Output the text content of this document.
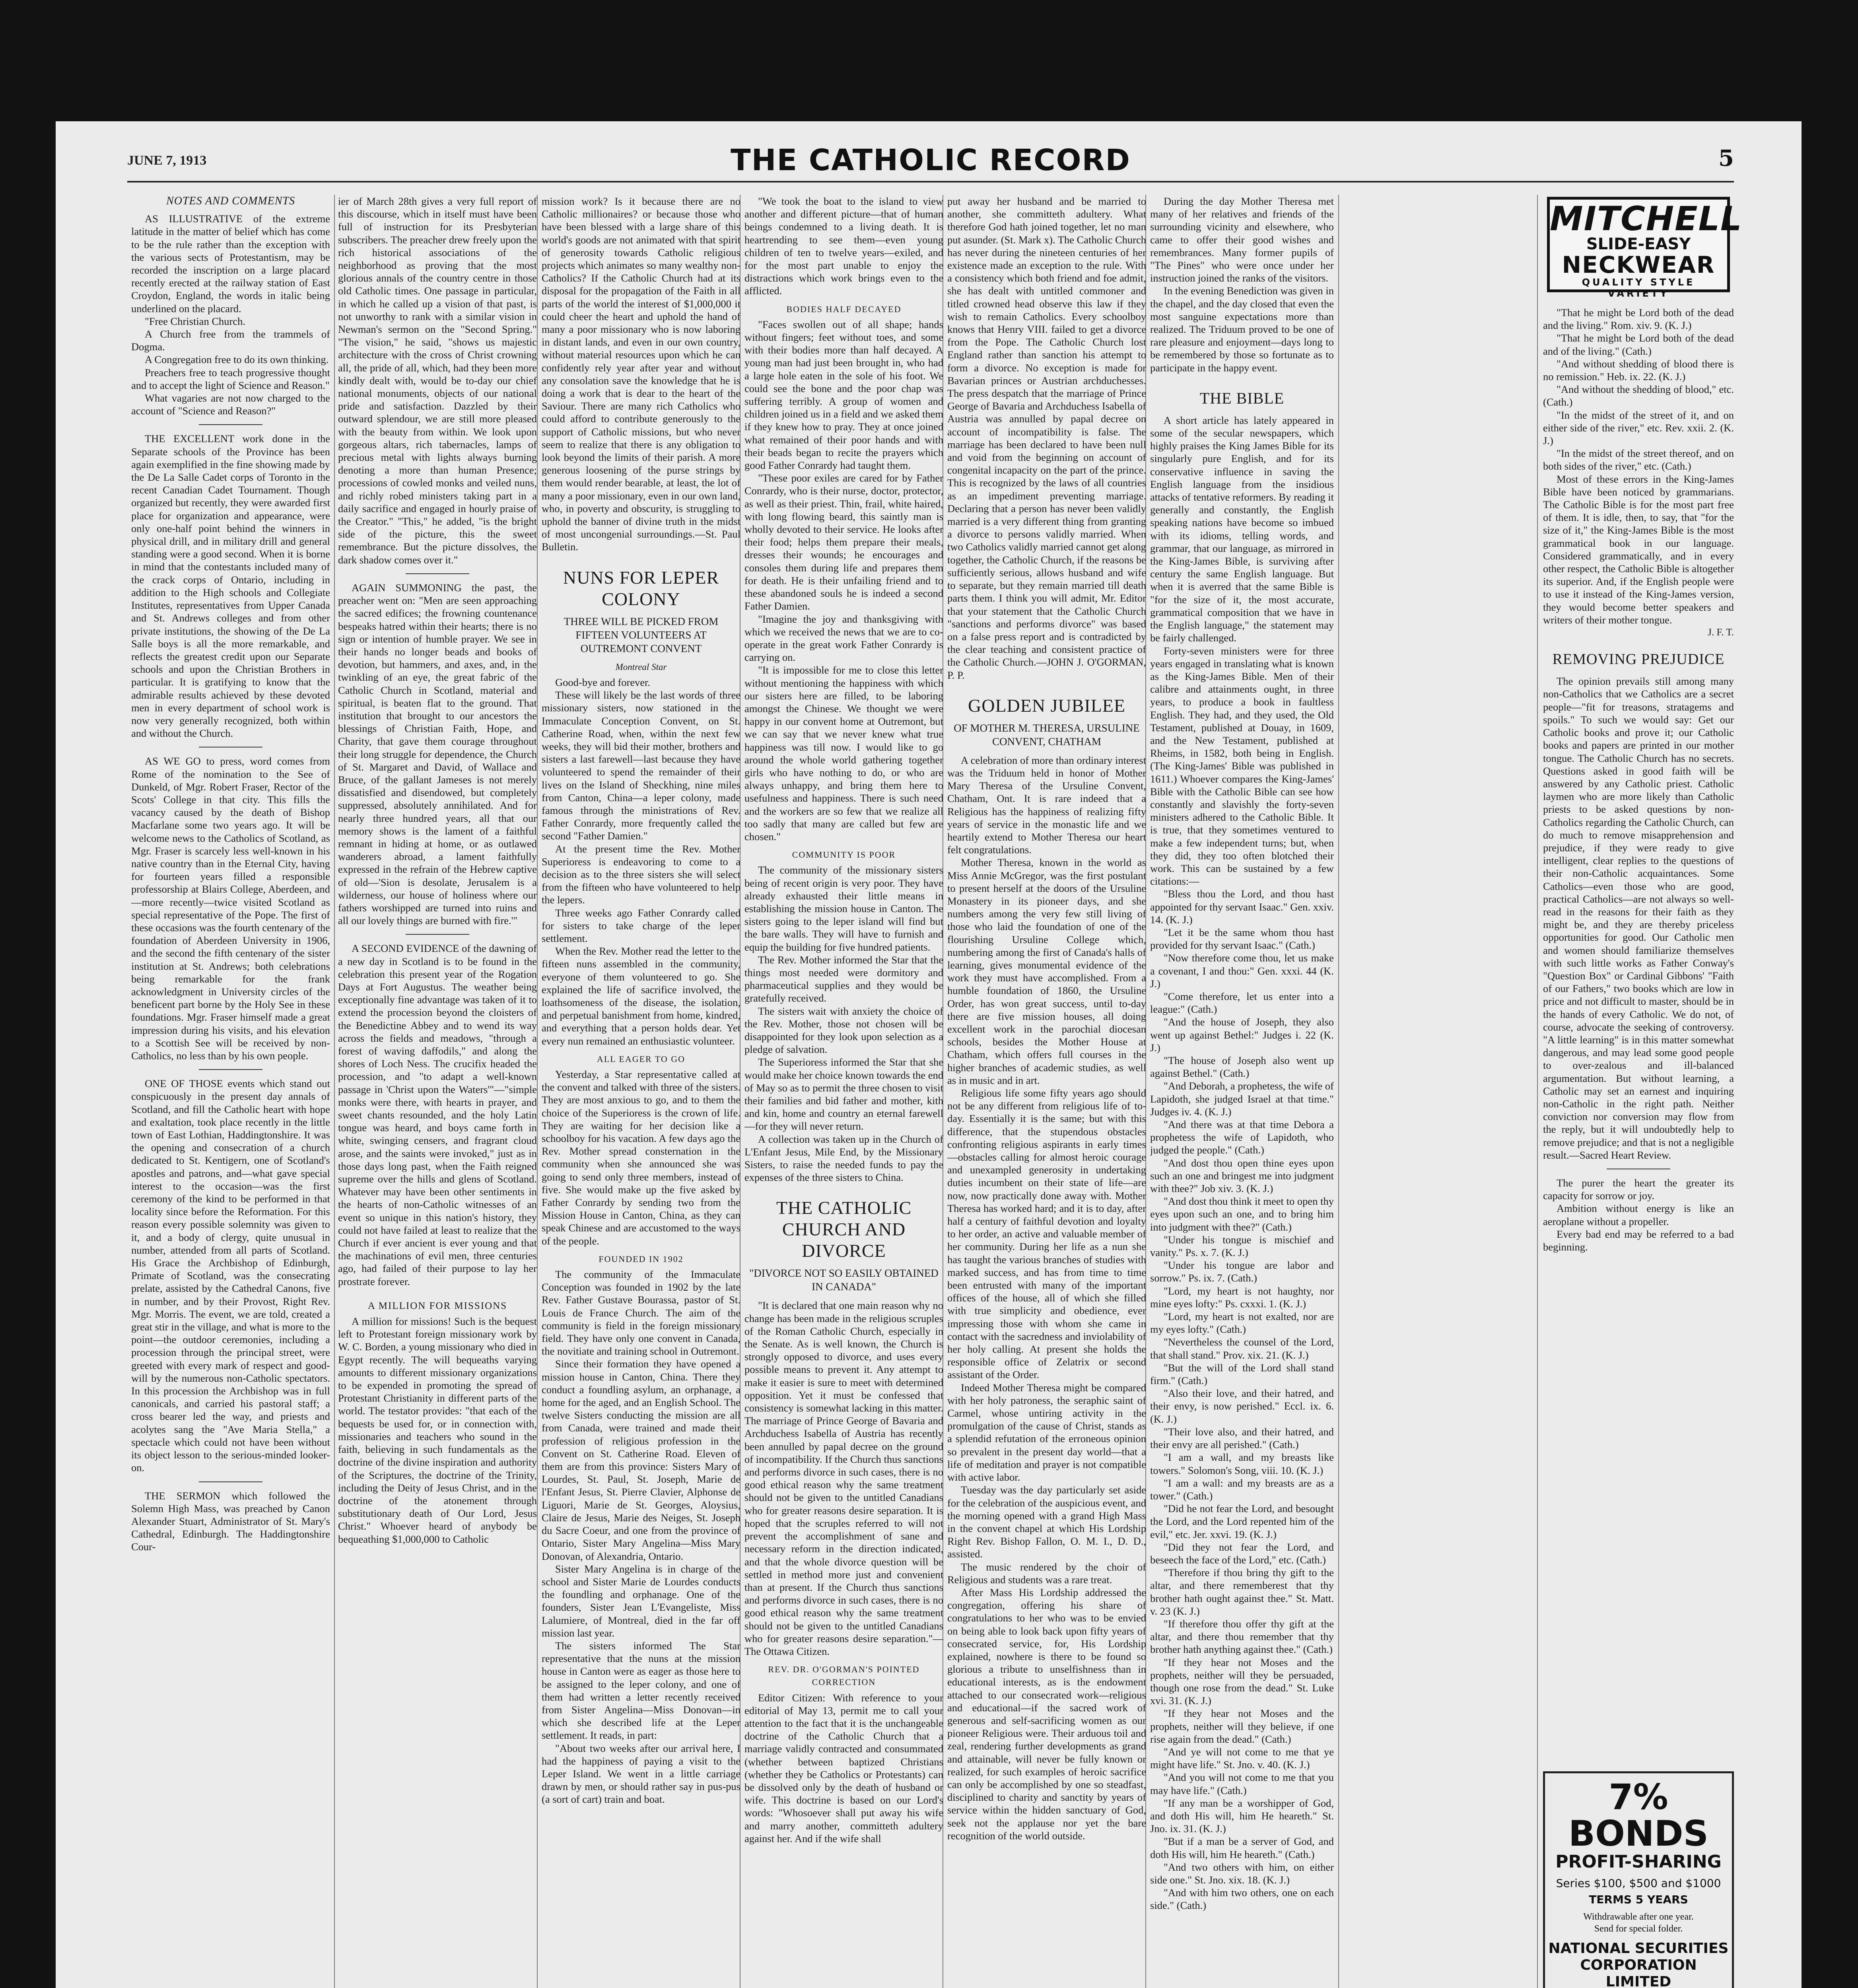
JUNE 7, 1913	THE CATHOLIC RECORD	5
NOTES AND COMMENTS

AS ILLUSTRATIVE of the extreme latitude in the matter of belief which has come to be the rule rather than the exception with the various sects of Protestantism, may be recorded the inscription on a large placard recently erected at the railway station of East Croydon, England, the words in italic being underlined on the placard.

"Free Christian Church.

A Church free from the trammels of Dogma.

A Congregation free to do its own thinking.

Preachers free to teach progressive thought and to accept the light of Science and Reason."

What vagaries are not now charged to the account of "Science and Reason?"

THE EXCELLENT work done in the Separate schools of the Province has been again exemplified in the fine showing made by the De La Salle Cadet corps of Toronto in the recent Canadian Cadet Tournament. Though organized but recently, they were awarded first place for organization and appearance, were only one-half point behind the winners in physical drill, and in military drill and general standing were a good second. When it is borne in mind that the contestants included many of the crack corps of Ontario, including in addition to the High schools and Collegiate Institutes, representatives from Upper Canada and St. Andrews colleges and from other private institutions, the showing of the De La Salle boys is all the more remarkable, and reflects the greatest credit upon our Separate schools and upon the Christian Brothers in particular. It is gratifying to know that the admirable results achieved by these devoted men in every department of school work is now very generally recognized, both within and without the Church.

AS WE GO to press, word comes from Rome of the nomination to the See of Dunkeld, of Mgr. Robert Fraser, Rector of the Scots' College in that city. This fills the vacancy caused by the death of Bishop Macfarlane some two years ago. It will be welcome news to the Catholics of Scotland, as Mgr. Fraser is scarcely less well-known in his native country than in the Eternal City, having for fourteen years filled a responsible professorship at Blairs College, Aberdeen, and—more recently—twice visited Scotland as special representative of the Pope. The first of these occasions was the fourth centenary of the foundation of Aberdeen University in 1906, and the second the fifth centenary of the sister institution at St. Andrews; both celebrations being remarkable for the frank acknowledgment in University circles of the beneficent part borne by the Holy See in these foundations. Mgr. Fraser himself made a great impression during his visits, and his elevation to a Scottish See will be received by non-Catholics, no less than by his own people.

ONE OF THOSE events which stand out conspicuously in the present day annals of Scotland, and fill the Catholic heart with hope and exaltation, took place recently in the little town of East Lothian, Haddingtonshire. It was the opening and consecration of a church dedicated to St. Kentigern, one of Scotland's apostles and patrons, and—what gave special interest to the occasion—was the first ceremony of the kind to be performed in that locality since before the Reformation. For this reason every possible solemnity was given to it, and a body of clergy, quite unusual in number, attended from all parts of Scotland. His Grace the Archbishop of Edinburgh, Primate of Scotland, was the consecrating prelate, assisted by the Cathedral Canons, five in number, and by their Provost, Right Rev. Mgr. Morris. The event, we are told, created a great stir in the village, and what is more to the point—the outdoor ceremonies, including a procession through the principal street, were greeted with every mark of respect and good-will by the numerous non-Catholic spectators. In this procession the Archbishop was in full canonicals, and carried his pastoral staff; a cross bearer led the way, and priests and acolytes sang the "Ave Maria Stella," a spectacle which could not have been without its object lesson to the serious-minded looker-on.

THE SERMON which followed the Solemn High Mass, was preached by Canon Alexander Stuart, Administrator of St. Mary's Cathedral, Edinburgh. The Haddingtonshire Cour-

ier of March 28th gives a very full report of this discourse, which in itself must have been full of instruction for its Presbyterian subscribers. The preacher drew freely upon the rich historical associations of the neighborhood as proving that the most glorious annals of the country centre in those old Catholic times. One passage in particular, in which he called up a vision of that past, is not unworthy to rank with a similar vision in Newman's sermon on the "Second Spring." "The vision," he said, "shows us majestic architecture with the cross of Christ crowning all, the pride of all, which, had they been more kindly dealt with, would be to-day our chief national monuments, objects of our national pride and satisfaction. Dazzled by their outward splendour, we are still more pleased with the beauty from within. We look upon gorgeous altars, rich tabernacles, lamps of precious metal with lights always burning denoting a more than human Presence; processions of cowled monks and veiled nuns, and richly robed ministers taking part in a daily sacrifice and engaged in hourly praise of the Creator." "This," he added, "is the bright side of the picture, this the sweet remembrance. But the picture dissolves, the dark shadow comes over it."

AGAIN SUMMONING the past, the preacher went on: "Men are seen approaching the sacred edifices; the frowning countenance bespeaks hatred within their hearts; there is no sign or intention of humble prayer. We see in their hands no longer beads and books of devotion, but hammers, and axes, and, in the twinkling of an eye, the great fabric of the Catholic Church in Scotland, material and spiritual, is beaten flat to the ground. That institution that brought to our ancestors the blessings of Christian Faith, Hope, and Charity, that gave them courage throughout their long struggle for dependence, the Church of St. Margaret and David, of Wallace and Bruce, of the gallant Jameses is not merely dissatisfied and disendowed, but completely suppressed, absolutely annihilated. And for nearly three hundred years, all that our memory shows is the lament of a faithful remnant in hiding at home, or as outlawed wanderers abroad, a lament faithfully expressed in the refrain of the Hebrew captive of old—'Sion is desolate, Jerusalem is a wilderness, our house of holiness where our fathers worshipped are turned into ruins and all our lovely things are burned with fire.'"

A SECOND EVIDENCE of the dawning of a new day in Scotland is to be found in the celebration this present year of the Rogation Days at Fort Augustus. The weather being exceptionally fine advantage was taken of it to extend the procession beyond the cloisters of the Benedictine Abbey and to wend its way across the fields and meadows, "through a forest of waving daffodils," and along the shores of Loch Ness. The crucifix headed the procession, and "to adapt a well-known passage in 'Christ upon the Waters'"—"simple monks were there, with hearts in prayer, and sweet chants resounded, and the holy Latin tongue was heard, and boys came forth in white, swinging censers, and fragrant cloud arose, and the saints were invoked," just as in those days long past, when the Faith reigned supreme over the hills and glens of Scotland. Whatever may have been other sentiments in the hearts of non-Catholic witnesses of an event so unique in this nation's history, they could not have failed at least to realize that the Church if ever ancient is ever young and that the machinations of evil men, three centuries ago, had failed of their purpose to lay her prostrate forever.

A MILLION FOR MISSIONS

A million for missions! Such is the bequest left to Protestant foreign missionary work by W. C. Borden, a young missionary who died in Egypt recently. The will bequeaths varying amounts to different missionary organizations to be expended in promoting the spread of Protestant Christianity in different parts of the world. The testator provides: "that each of the bequests be used for, or in connection with, missionaries and teachers who sound in the faith, believing in such fundamentals as the doctrine of the divine inspiration and authority of the Scriptures, the doctrine of the Trinity, including the Deity of Jesus Christ, and in the doctrine of the atonement through substitutionary death of Our Lord, Jesus Christ." Whoever heard of anybody be bequeathing $1,000,000 to Catholic

mission work? Is it because there are no Catholic millionaires? or because those who have been blessed with a large share of this world's goods are not animated with that spirit of generosity towards Catholic religious projects which animates so many wealthy non-Catholics? If the Catholic Church had at its disposal for the propagation of the Faith in all parts of the world the interest of $1,000,000 it could cheer the heart and uphold the hand of many a poor missionary who is now laboring in distant lands, and even in our own country, without material resources upon which he can confidently rely year after year and without any consolation save the knowledge that he is doing a work that is dear to the heart of the Saviour. There are many rich Catholics who could afford to contribute generously to the support of Catholic missions, but who never seem to realize that there is any obligation to look beyond the limits of their parish. A more generous loosening of the purse strings by them would render bearable, at least, the lot of many a poor missionary, even in our own land, who, in poverty and obscurity, is struggling to uphold the banner of divine truth in the midst of most uncongenial surroundings.—St. Paul Bulletin.

NUNS FOR LEPER COLONY
THREE WILL BE PICKED FROM FIFTEEN VOLUNTEERS AT OUTREMONT CONVENT
Montreal Star

Good-bye and forever.

These will likely be the last words of three missionary sisters, now stationed in the Immaculate Conception Convent, on St. Catherine Road, when, within the next few weeks, they will bid their mother, brothers and sisters a last farewell—last because they have volunteered to spend the remainder of their lives on the Island of Sheckhing, nine miles from Canton, China—a leper colony, made famous through the ministrations of Rev. Father Conrardy, more frequently called the second "Father Damien."

At the present time the Rev. Mother Superioress is endeavoring to come to a decision as to the three sisters she will select from the fifteen who have volunteered to help the lepers.

Three weeks ago Father Conrardy called for sisters to take charge of the leper settlement.

When the Rev. Mother read the letter to the fifteen nuns assembled in the community, everyone of them volunteered to go. She explained the life of sacrifice involved, the loathsomeness of the disease, the isolation, and perpetual banishment from home, kindred, and everything that a person holds dear. Yet every nun remained an enthusiastic volunteer.

ALL EAGER TO GO

Yesterday, a Star representative called at the convent and talked with three of the sisters. They are most anxious to go, and to them the choice of the Superioress is the crown of life. They are waiting for her decision like a schoolboy for his vacation. A few days ago the Rev. Mother spread consternation in the community when she announced she was going to send only three members, instead of five. She would make up the five asked by Father Conrardy by sending two from the Mission House in Canton, China, as they can speak Chinese and are accustomed to the ways of the people.

FOUNDED IN 1902

The community of the Immaculate Conception was founded in 1902 by the late Rev. Father Gustave Bourassa, pastor of St. Louis de France Church. The aim of the community is field in the foreign missionary field. They have only one convent in Canada, the novitiate and training school in Outremont.

Since their formation they have opened a mission house in Canton, China. There they conduct a foundling asylum, an orphanage, a home for the aged, and an English School. The twelve Sisters conducting the mission are all from Canada, were trained and made their profession of religious profession in the Convent on St. Catherine Road. Eleven of them are from this province: Sisters Mary of Lourdes, St. Paul, St. Joseph, Marie de l'Enfant Jesus, St. Pierre Clavier, Alphonse de Liguori, Marie de St. Georges, Aloysius, Claire de Jesus, Marie des Neiges, St. Joseph du Sacre Coeur, and one from the province of Ontario, Sister Mary Angelina—Miss Mary Donovan, of Alexandria, Ontario.

Sister Mary Angelina is in charge of the school and Sister Marie de Lourdes conducts the foundling and orphanage. One of the founders, Sister Jean L'Evangeliste, Miss Lalumiere, of Montreal, died in the far off mission last year.

The sisters informed The Star representative that the nuns at the mission house in Canton were as eager as those here to be assigned to the leper colony, and one of them had written a letter recently received from Sister Angelina—Miss Donovan—in which she described life at the Leper settlement. It reads, in part:

"About two weeks after our arrival here, I had the happiness of paying a visit to the Leper Island. We went in a little carriage drawn by men, or should rather say in pus-pus (a sort of cart) train and boat.

"We took the boat to the island to view another and different picture—that of human beings condemned to a living death. It is heartrending to see them—even young children of ten to twelve years—exiled, and for the most part unable to enjoy the distractions which work brings even to the afflicted.

BODIES HALF DECAYED

"Faces swollen out of all shape; hands without fingers; feet without toes, and some with their bodies more than half decayed. A young man had just been brought in, who had a large hole eaten in the sole of his foot. We could see the bone and the poor chap was suffering terribly. A group of women and children joined us in a field and we asked them if they knew how to pray. They at once joined what remained of their poor hands and with their beads began to recite the prayers which good Father Conrardy had taught them.

"These poor exiles are cared for by Father Conrardy, who is their nurse, doctor, protector, as well as their priest. Thin, frail, white haired, with long flowing beard, this saintly man is wholly devoted to their service. He looks after their food; helps them prepare their meals, dresses their wounds; he encourages and consoles them during life and prepares them for death. He is their unfailing friend and to these abandoned souls he is indeed a second Father Damien.

"Imagine the joy and thanksgiving with which we received the news that we are to co-operate in the great work Father Conrardy is carrying on.

"It is impossible for me to close this letter without mentioning the happiness with which our sisters here are filled, to be laboring amongst the Chinese. We thought we were happy in our convent home at Outremont, but we can say that we never knew what true happiness was till now. I would like to go around the whole world gathering together girls who have nothing to do, or who are always unhappy, and bring them here to usefulness and happiness. There is such need and the workers are so few that we realize all too sadly that many are called but few are chosen."

COMMUNITY IS POOR

The community of the missionary sisters being of recent origin is very poor. They have already exhausted their little means in establishing the mission house in Canton. The sisters going to the leper island will find but the bare walls. They will have to furnish and equip the building for five hundred patients.

The Rev. Mother informed the Star that the things most needed were dormitory and pharmaceutical supplies and they would be gratefully received.

The sisters wait with anxiety the choice of the Rev. Mother, those not chosen will be disappointed for they look upon selection as a pledge of salvation.

The Superioress informed the Star that she would make her choice known towards the end of May so as to permit the three chosen to visit their families and bid father and mother, kith and kin, home and country an eternal farewell—for they will never return.

A collection was taken up in the Church of L'Enfant Jesus, Mile End, by the Missionary Sisters, to raise the needed funds to pay the expenses of the three sisters to China.

THE CATHOLIC CHURCH AND DIVORCE
"DIVORCE NOT SO EASILY OBTAINED IN CANADA"

"It is declared that one main reason why no change has been made in the religious scruples of the Roman Catholic Church, especially in the Senate. As is well known, the Church is strongly opposed to divorce, and uses every possible means to prevent it. Any attempt to make it easier is sure to meet with determined opposition. Yet it must be confessed that consistency is somewhat lacking in this matter. The marriage of Prince George of Bavaria and Archduchess Isabella of Austria has recently been annulled by papal decree on the ground of incompatibility. If the Church thus sanctions and performs divorce in such cases, there is no good ethical reason why the same treatment should not be given to the untitled Canadians who for greater reasons desire separation. It is hoped that the scruples referred to will not prevent the accomplishment of sane and necessary reform in the direction indicated, and that the whole divorce question will be settled in method more just and convenient than at present. If the Church thus sanctions and performs divorce in such cases, there is no good ethical reason why the same treatment should not be given to the untitled Canadians who for greater reasons desire separation."—The Ottawa Citizen.

REV. DR. O'GORMAN'S POINTED CORRECTION

Editor Citizen: With reference to your editorial of May 13, permit me to call your attention to the fact that it is the unchangeable doctrine of the Catholic Church that a marriage validly contracted and consummated (whether between baptized Christians (whether they be Catholics or Protestants) can be dissolved only by the death of husband or wife. This doctrine is based on our Lord's words: "Whosoever shall put away his wife and marry another, committeth adultery against her. And if the wife shall

put away her husband and be married to another, she committeth adultery. What therefore God hath joined together, let no man put asunder. (St. Mark x). The Catholic Church has never during the nineteen centuries of her existence made an exception to the rule. With a consistency which both friend and foe admit, she has dealt with untitled commoner and titled crowned head observe this law if they wish to remain Catholics. Every schoolboy knows that Henry VIII. failed to get a divorce from the Pope. The Catholic Church lost England rather than sanction his attempt to form a divorce. No exception is made for Bavarian princes or Austrian archduchesses. The press despatch that the marriage of Prince George of Bavaria and Archduchess Isabella of Austria was annulled by papal decree on account of incompatibility is false. The marriage has been declared to have been null and void from the beginning on account of congenital incapacity on the part of the prince. This is recognized by the laws of all countries as an impediment preventing marriage. Declaring that a person has never been validly married is a very different thing from granting a divorce to persons validly married. When two Catholics validly married cannot get along together, the Catholic Church, if the reasons be sufficiently serious, allows husband and wife to separate, but they remain married till death parts them. I think you will admit, Mr. Editor that your statement that the Catholic Church "sanctions and performs divorce" was based on a false press report and is contradicted by the clear teaching and consistent practice of the Catholic Church.—JOHN J. O'GORMAN, P. P.

GOLDEN JUBILEE
OF MOTHER M. THERESA, URSULINE CONVENT, CHATHAM

A celebration of more than ordinary interest was the Triduum held in honor of Mother Mary Theresa of the Ursuline Convent, Chatham, Ont. It is rare indeed that a Religious has the happiness of realizing fifty years of service in the monastic life and we heartily extend to Mother Theresa our heart felt congratulations.

Mother Theresa, known in the world as Miss Annie McGregor, was the first postulant to present herself at the doors of the Ursuline Monastery in its pioneer days, and she numbers among the very few still living of those who laid the foundation of one of the flourishing Ursuline College which, numbering among the first of Canada's halls of learning, gives monumental evidence of the work they must have accomplished. From a humble foundation of 1860, the Ursuline Order, has won great success, until to-day there are five mission houses, all doing excellent work in the parochial diocesan schools, besides the Mother House at Chatham, which offers full courses in the higher branches of academic studies, as well as in music and in art.

Religious life some fifty years ago should not be any different from religious life of to-day. Essentially it is the same; but with this difference, that the stupendous obstacles confronting religious aspirants in early times—obstacles calling for almost heroic courage and unexampled generosity in undertaking duties incumbent on their state of life—are now, now practically done away with. Mother Theresa has worked hard; and it is to day, after half a century of faithful devotion and loyalty to her order, an active and valuable member of her community. During her life as a nun she has taught the various branches of studies with marked success, and has from time to time been entrusted with many of the important offices of the house, all of which she filled with true simplicity and obedience, ever impressing those with whom she came in contact with the sacredness and inviolability of her holy calling. At present she holds the responsible office of Zelatrix or second assistant of the Order.

Indeed Mother Theresa might be compared with her holy patroness, the seraphic saint of Carmel, whose untiring activity in the promulgation of the cause of Christ, stands as a splendid refutation of the erroneous opinion so prevalent in the present day world—that a life of meditation and prayer is not compatible with active labor.

Tuesday was the day particularly set aside for the celebration of the auspicious event, and the morning opened with a grand High Mass in the convent chapel at which His Lordship Right Rev. Bishop Fallon, O. M. I., D. D., assisted.

The music rendered by the choir of Religious and students was a rare treat.

After Mass His Lordship addressed the congregation, offering his share of congratulations to her who was to be envied on being able to look back upon fifty years of consecrated service, for, His Lordship explained, nowhere is there to be found so glorious a tribute to unselfishness than in educational interests, as is the endowment attached to our consecrated work—religious and educational—if the sacred work of generous and self-sacrificing women as our pioneer Religious were. Their arduous toil and zeal, rendering further developments as grand and attainable, will never be fully known or realized, for such examples of heroic sacrifice can only be accomplished by one so steadfast, disciplined to charity and sanctity by years of service within the hidden sanctuary of God, seek not the applause nor yet the bare recognition of the world outside.

During the day Mother Theresa met many of her relatives and friends of the surrounding vicinity and elsewhere, who came to offer their good wishes and remembrances. Many former pupils of "The Pines" who were once under her instruction joined the ranks of the visitors.

In the evening Benediction was given in the chapel, and the day closed that even the most sanguine expectations more than realized. The Triduum proved to be one of rare pleasure and enjoyment—days long to be remembered by those so fortunate as to participate in the happy event.

THE BIBLE

A short article has lately appeared in some of the secular newspapers, which highly praises the King James Bible for its singularly pure English, and for its conservative influence in saving the English language from the insidious attacks of tentative reformers. By reading it generally and constantly, the English speaking nations have become so imbued with its idioms, telling words, and grammar, that our language, as mirrored in the King-James Bible, is surviving after century the same English language. But when it is averred that the same Bible is "for the size of it, the most accurate, grammatical composition that we have in the English language," the statement may be fairly challenged.

Forty-seven ministers were for three years engaged in translating what is known as the King-James Bible. Men of their calibre and attainments ought, in three years, to produce a book in faultless English. They had, and they used, the Old Testament, published at Douay, in 1609, and the New Testament, published at Rheims, in 1582, both being in English. (The King-James' Bible was published in 1611.) Whoever compares the King-James' Bible with the Catholic Bible can see how constantly and slavishly the forty-seven ministers adhered to the Catholic Bible. It is true, that they sometimes ventured to make a few independent turns; but, when they did, they too often blotched their work. This can be sustained by a few citations:—

"Bless thou the Lord, and thou hast appointed for thy servant Isaac." Gen. xxiv. 14. (K. J.)

"Let it be the same whom thou hast provided for thy servant Isaac." (Cath.)

"Now therefore come thou, let us make a covenant, I and thou:" Gen. xxxi. 44 (K. J.)

"Come therefore, let us enter into a league:" (Cath.)

"And the house of Joseph, they also went up against Bethel:" Judges i. 22 (K. J.)

"The house of Joseph also went up against Bethel." (Cath.)

"And Deborah, a prophetess, the wife of Lapidoth, she judged Israel at that time." Judges iv. 4. (K. J.)

"And there was at that time Debora a prophetess the wife of Lapidoth, who judged the people." (Cath.)

"And dost thou open thine eyes upon such an one and bringest me into judgment with thee?" Job xiv. 3. (K. J.)

"And dost thou think it meet to open thy eyes upon such an one, and to bring him into judgment with thee?" (Cath.)

"Under his tongue is mischief and vanity." Ps. x. 7. (K. J.)

"Under his tongue are labor and sorrow." Ps. ix. 7. (Cath.)

"Lord, my heart is not haughty, nor mine eyes lofty:" Ps. cxxxi. 1. (K. J.)

"Lord, my heart is not exalted, nor are my eyes lofty." (Cath.)

"Nevertheless the counsel of the Lord, that shall stand." Prov. xix. 21. (K. J.)

"But the will of the Lord shall stand firm." (Cath.)

"Also their love, and their hatred, and their envy, is now perished." Eccl. ix. 6. (K. J.)

"Their love also, and their hatred, and their envy are all perished." (Cath.)

"I am a wall, and my breasts like towers." Solomon's Song, viii. 10. (K. J.)

"I am a wall: and my breasts are as a tower." (Cath.)

"Did he not fear the Lord, and besought the Lord, and the Lord repented him of the evil," etc. Jer. xxvi. 19. (K. J.)

"Did they not fear the Lord, and beseech the face of the Lord," etc. (Cath.)

"Therefore if thou bring thy gift to the altar, and there rememberest that thy brother hath ought against thee." St. Matt. v. 23 (K. J.)

"If therefore thou offer thy gift at the altar, and there thou remember that thy brother hath anything against thee." (Cath.)

"If they hear not Moses and the prophets, neither will they be persuaded, though one rose from the dead." St. Luke xvi. 31. (K. J.)

"If they hear not Moses and the prophets, neither will they believe, if one rise again from the dead." (Cath.)

"And ye will not come to me that ye might have life." St. Jno. v. 40. (K. J.)

"And you will not come to me that you may have life." (Cath.)

"If any man be a worshipper of God, and doth His will, him He heareth." St. Jno. ix. 31. (K. J.)

"But if a man be a server of God, and doth His will, him He heareth." (Cath.)

"And two others with him, on either side one." St. Jno. xix. 18. (K. J.)

"And with him two others, one on each side." (Cath.)

"That he might be Lord both of the dead and the living." Rom. xiv. 9. (K. J.)

"That he might be Lord both of the dead and of the living." (Cath.)

"And without shedding of blood there is no remission." Heb. ix. 22. (K. J.)

"And without the shedding of blood," etc. (Cath.)

"In the midst of the street of it, and on either side of the river," etc. Rev. xxii. 2. (K. J.)

"In the midst of the street thereof, and on both sides of the river," etc. (Cath.)

Most of these errors in the King-James Bible have been noticed by grammarians. The Catholic Bible is for the most part free of them. It is idle, then, to say, that "for the size of it," the King-James Bible is the most grammatical book in our language. Considered grammatically, and in every other respect, the Catholic Bible is altogether its superior. And, if the English people were to use it instead of the King-James version, they would become better speakers and writers of their mother tongue.

J. F. T.
REMOVING PREJUDICE

The opinion prevails still among many non-Catholics that we Catholics are a secret people—"fit for treasons, stratagems and spoils." To such we would say: Get our Catholic books and prove it; our Catholic books and papers are printed in our mother tongue. The Catholic Church has no secrets. Questions asked in good faith will be answered by any Catholic priest. Catholic laymen who are more likely than Catholic priests to be asked questions by non-Catholics regarding the Catholic Church, can do much to remove misapprehension and prejudice, if they were ready to give intelligent, clear replies to the questions of their non-Catholic acquaintances. Some Catholics—even those who are good, practical Catholics—are not always so well-read in the reasons for their faith as they might be, and they are thereby priceless opportunities for good. Our Catholic men and women should familiarize themselves with such little works as Father Conway's "Question Box" or Cardinal Gibbons' "Faith of our Fathers," two books which are low in price and not difficult to master, should be in the hands of every Catholic. We do not, of course, advocate the seeking of controversy. "A little learning" is in this matter somewhat dangerous, and may lead some good people to over-zealous and ill-balanced argumentation. But without learning, a Catholic may set an earnest and inquiring non-Catholic in the right path. Neither conviction nor conversion may flow from the reply, but it will undoubtedly help to remove prejudice; and that is not a negligible result.—Sacred Heart Review.

The purer the heart the greater its capacity for sorrow or joy.

Ambition without energy is like an aeroplane without a propeller.

Every bad end may be referred to a bad beginning.

MITCHELL
SLIDE-EASY
NECKWEAR
QUALITY STYLE VARIETY
7% BONDS
PROFIT-SHARING
Series $100, $500 and $1000
TERMS 5 YEARS
Withdrawable after one year.
Send for special folder.
NATIONAL SECURITIES CORPORATION LIMITED
